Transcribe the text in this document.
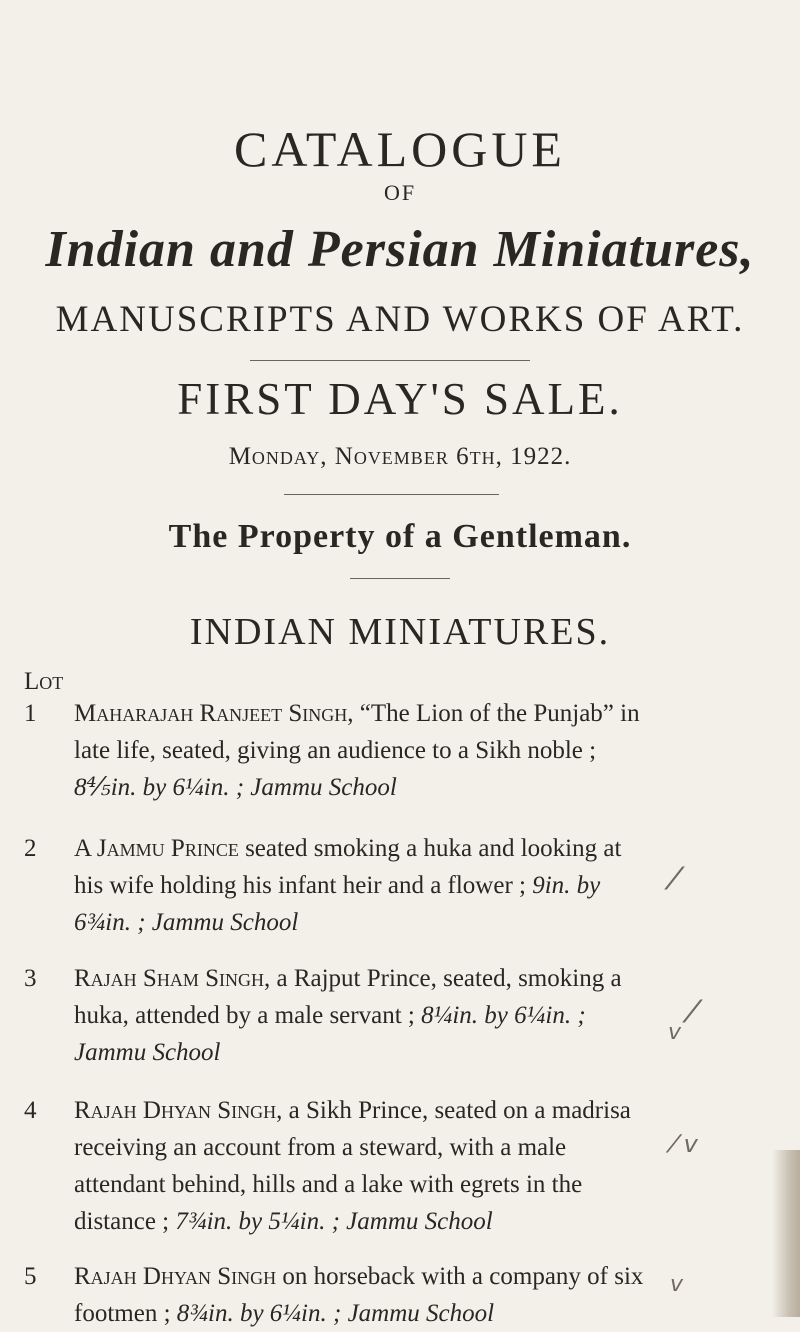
CATALOGUE
OF
Indian and Persian Miniatures,
MANUSCRIPTS AND WORKS OF ART.
FIRST DAY'S SALE.
Monday, November 6th, 1922.
The Property of a Gentleman.
INDIAN MINIATURES.
Lot
1	Maharajah Ranjeet Singh, “The Lion of the Punjab” in late life, seated, giving an audience to a Sikh noble ; 8⅘in. by 6¼in. ; Jammu School
2	A Jammu Prince seated smoking a huka and looking at his wife holding his infant heir and a flower ; 9in. by 6¾in. ; Jammu School
3	Rajah Sham Singh, a Rajput Prince, seated, smoking a huka, attended by a male servant ; 8¼in. by 6¼in. ; Jammu School
4	Rajah Dhyan Singh, a Sikh Prince, seated on a madrisa receiving an account from a steward, with a male attendant behind, hills and a lake with egrets in the distance ; 7¾in. by 5¼in. ; Jammu School
5	Rajah Dhyan Singh on horseback with a company of six footmen ; 8¾in. by 6¼in. ; Jammu School
⁄
⁄
v
⁄ v
v
